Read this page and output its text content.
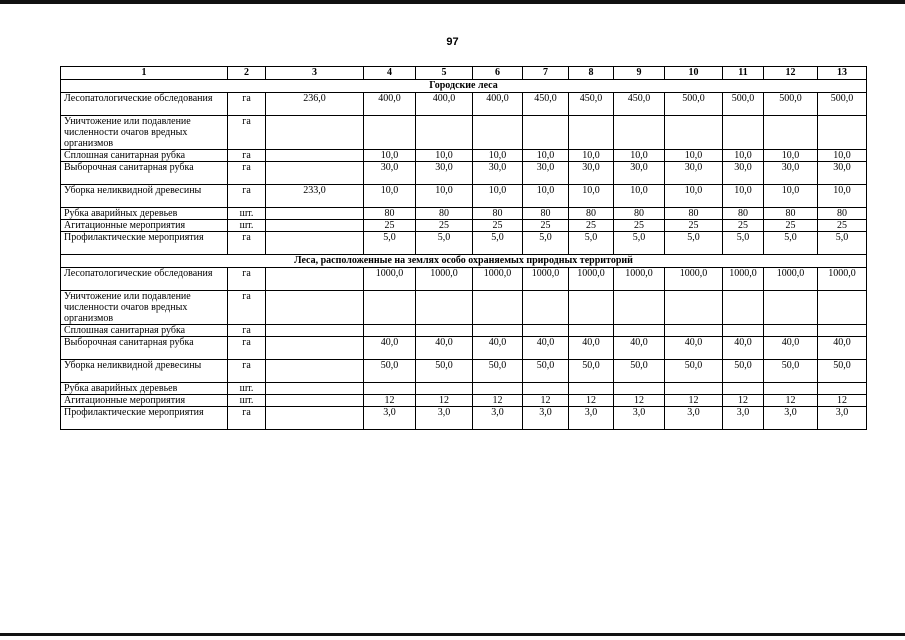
97
1	2	3	4	5	6	7	8	9	10	11	12	13
Городские леса												
Лесопатологические обследования	га	236,0	400,0	400,0	400,0	450,0	450,0	450,0	500,0	500,0	500,0	500,0
Уничтожение или подавление численности очагов вредных организмов	га											
Сплошная санитарная рубка	га		10,0	10,0	10,0	10,0	10,0	10,0	10,0	10,0	10,0	10,0
Выборочная санитарная рубка	га		30,0	30,0	30,0	30,0	30,0	30,0	30,0	30,0	30,0	30,0
Уборка неликвидной древесины	га	233,0	10,0	10,0	10,0	10,0	10,0	10,0	10,0	10,0	10,0	10,0
Рубка аварийных деревьев	шт.		80	80	80	80	80	80	80	80	80	80
Агитационные мероприятия	шт.		25	25	25	25	25	25	25	25	25	25
Профилактические мероприятия	га		5,0	5,0	5,0	5,0	5,0	5,0	5,0	5,0	5,0	5,0
Леса, расположенные на землях особо охраняемых природных территорий												
Лесопатологические обследования	га		1000,0	1000,0	1000,0	1000,0	1000,0	1000,0	1000,0	1000,0	1000,0	1000,0
Уничтожение или подавление численности очагов вредных организмов	га											
Сплошная санитарная рубка	га											
Выборочная санитарная рубка	га		40,0	40,0	40,0	40,0	40,0	40,0	40,0	40,0	40,0	40,0
Уборка неликвидной древесины	га		50,0	50,0	50,0	50,0	50,0	50,0	50,0	50,0	50,0	50,0
Рубка аварийных деревьев	шт.											
Агитационные мероприятия	шт.		12	12	12	12	12	12	12	12	12	12
Профилактические мероприятия	га		3,0	3,0	3,0	3,0	3,0	3,0	3,0	3,0	3,0	3,0
